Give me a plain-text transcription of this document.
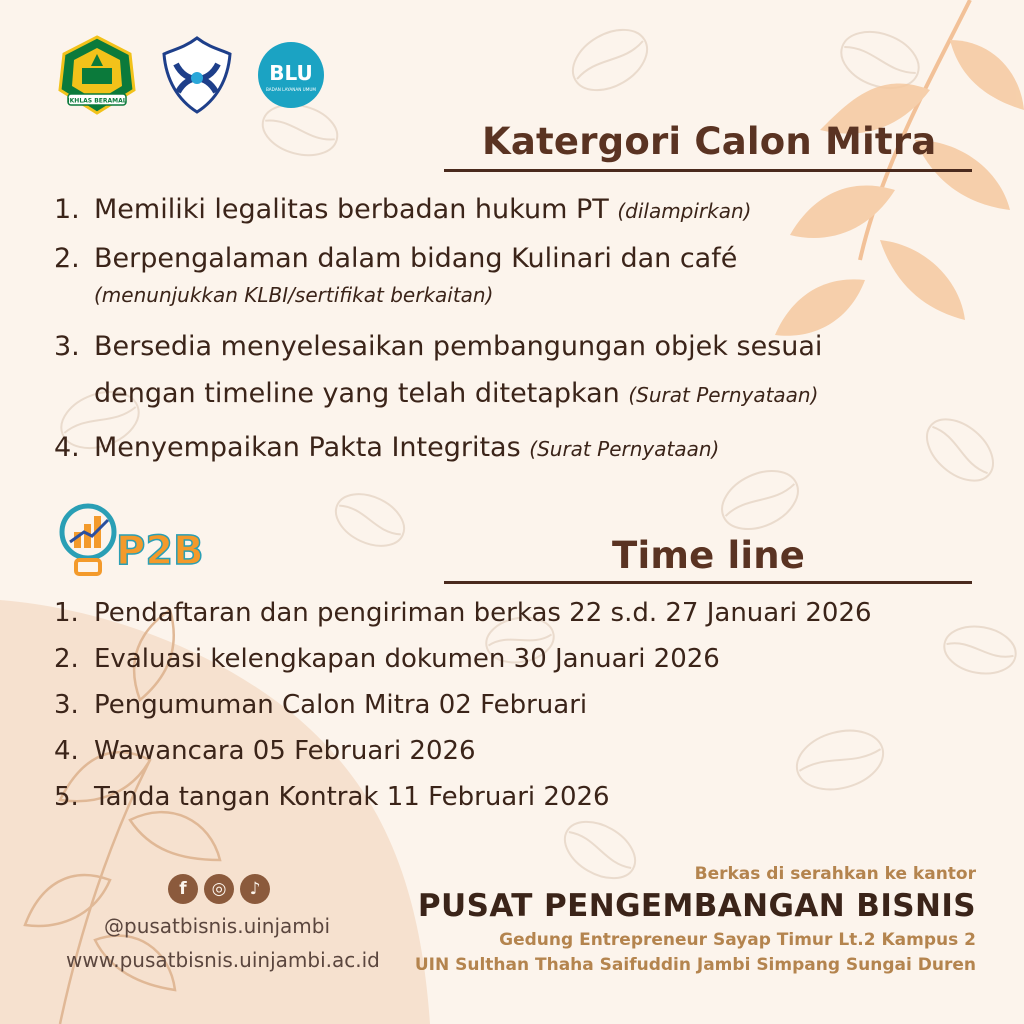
IKHLAS BERAMAL
BLU
BADAN LAYANAN UMUM
Katergori Calon Mitra
1. Memiliki legalitas berbadan hukum PT (dilampirkan)
2. Berpengalaman dalam bidang Kulinari dan café
(menunjukkan KLBI/sertifikat berkaitan)
3. Bersedia menyelesaikan pembangungan objek sesuai
dengan timeline yang telah ditetapkan (Surat Pernyataan)
4. Menyempaikan Pakta Integritas (Surat Pernyataan)
P2B	Time line
1. Pendaftaran dan pengiriman berkas 22 s.d. 27 Januari 2026
2. Evaluasi kelengkapan dokumen 30 Januari 2026
3. Pengumuman Calon Mitra 02 Februari
4. Wawancara 05 Februari 2026
5. Tanda tangan Kontrak 11 Februari 2026
f	◎	♪
@pusatbisnis.uinjambi
www.pusatbisnis.uinjambi.ac.id
Berkas di serahkan ke kantor
PUSAT PENGEMBANGAN BISNIS
Gedung Entrepreneur Sayap Timur Lt.2 Kampus 2
UIN Sulthan Thaha Saifuddin Jambi Simpang Sungai Duren
